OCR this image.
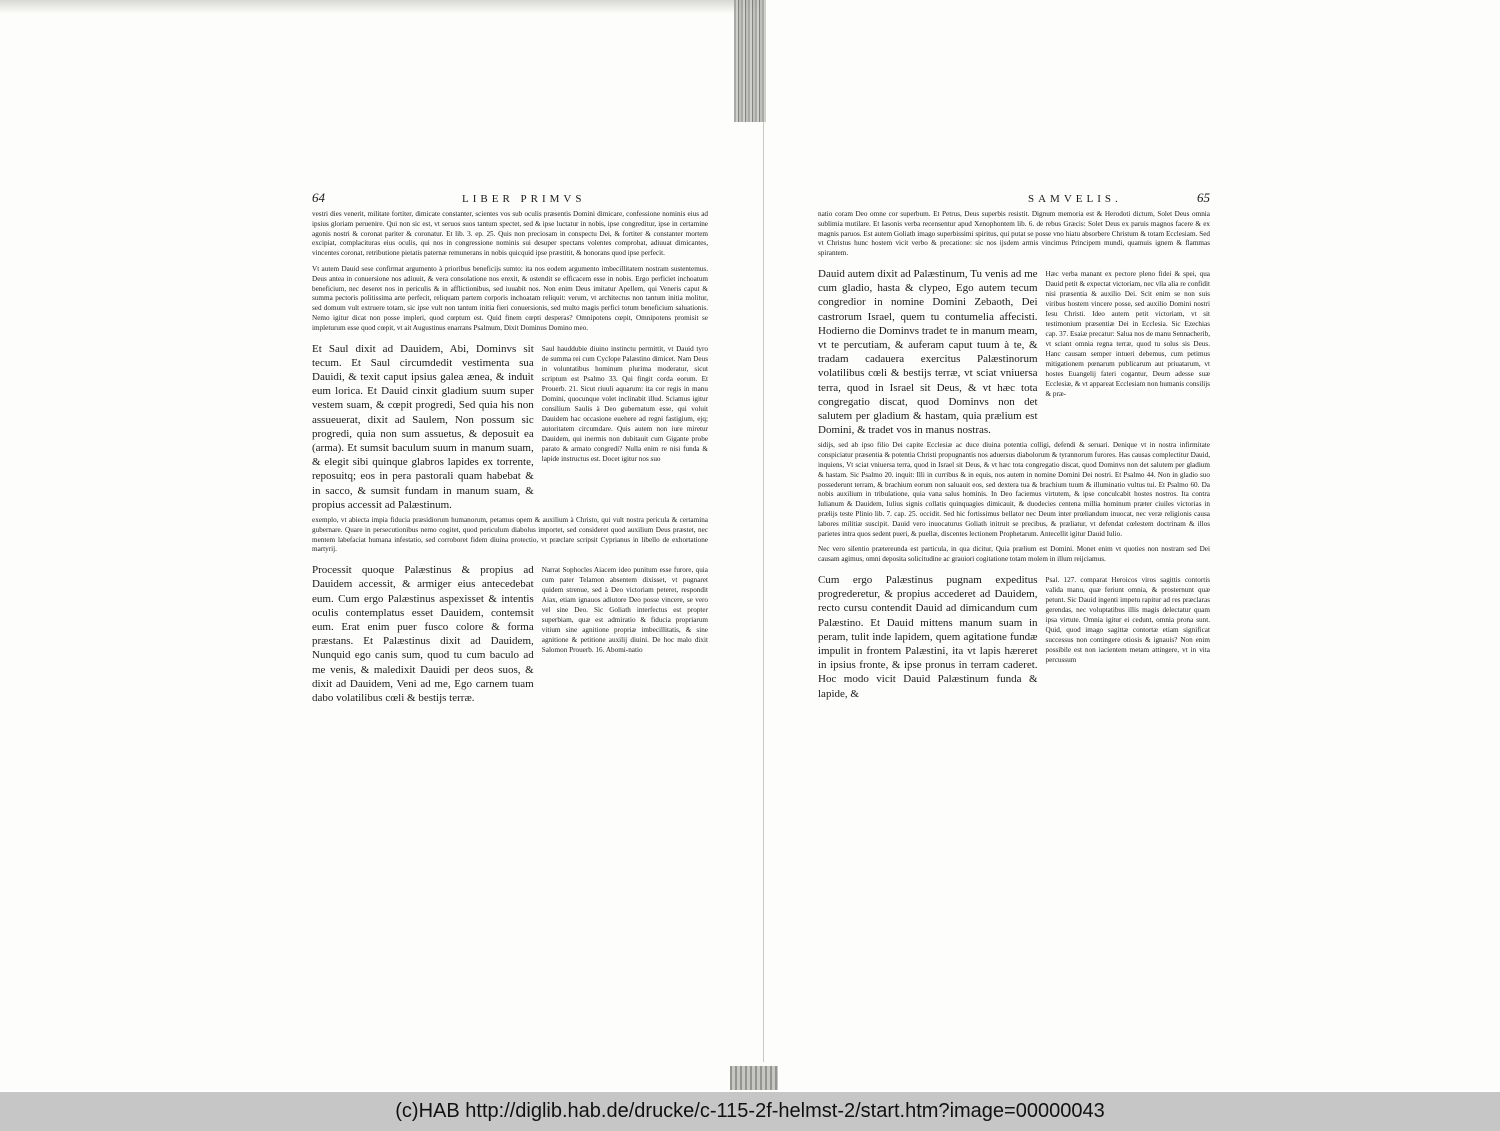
64	LIBER PRIMVS
vestri dies venerit, militate fortiter, dimicate constanter, scientes vos sub oculis præsentis Domini dimicare, confessione nominis eius ad ipsius gloriam peruenire. Qui non sic est, vt seruos suos tantum spectet, sed & ipse luctatur in nobis, ipse congreditur, ipse in certamine agonis nostri & coronat pariter & coronatur. Et lib. 3. ep. 25. Quis non preciosam in conspectu Dei, & fortiter & constanter mortem excipiat, complacituras eius oculis, qui nos in congressione nominis sui desuper spectans volentes comprobat, adiuuat dimicantes, vincentes coronat, retributione pietatis paternæ remunerans in nobis quicquid ipse præstitit, & honorans quod ipse perfecit.
Vt autem Dauid sese confirmat argumento à prioribus beneficijs sumto: ita nos eodem argumento imbecillitatem nostram sustentemus. Deus antea in conuersione nos adiuuit, & vera consolatione nos erexit, & ostendit se efficacem esse in nobis. Ergo perficiet inchoatum beneficium, nec deseret nos in periculis & in afflictionibus, sed iuuabit nos. Non enim Deus imitatur Apellem, qui Veneris caput & summa pectoris politissima arte perfecit, reliquam partem corporis inchoatam reliquit: verum, vt architectus non tantum initia molitur, sed domum vult extruere totam, sic ipse vult non tantum initia fieri conuersionis, sed multo magis perfici totum beneficium saluationis. Nemo igitur dicat non posse impleri, quod cœptum est. Quid finem cœpti desperas? Omnipotens cœpit, Omnipotens promisit se impleturum esse quod cœpit, vt ait Augustinus enarrans Psalmum, Dixit Dominus Domino meo.
Et Saul dixit ad Dauidem, Abi, Dominvs sit tecum. Et Saul circumdedit vestimenta sua Dauidi, & texit caput ipsius galea ænea, & induit eum lorica. Et Dauid cinxit gladium suum super vestem suam, & cœpit progredi, Sed quia his non assueuerat, dixit ad Saulem, Non possum sic progredi, quia non sum assuetus, & deposuit ea (arma). Et sumsit baculum suum in manum suam, & elegit sibi quinque glabros lapides ex torrente, reposuitq; eos in pera pastorali quam habebat & in sacco, & sumsit fundam in manum suam, & propius accessit ad Palæstinum.
Saul hauddubie diuino instinctu permittit, vt Dauid tyro de summa rei cum Cyclope Palæstino dimicet. Nam Deus in voluntatibus hominum plurima moderatur, sicut scriptum est Psalmo 33. Qui fingit corda eorum. Et Prouerb. 21. Sicut riuuli aquarum: ita cor regis in manu Domini, quocunque volet inclinabit illud. Sciamus igitur consilium Saulis à Deo gubernatum esse, qui voluit Dauidem hac occasione euehere ad regni fastigium, ejq; autoritatem circumdare. Quis autem non iure miretur Dauidem, qui inermis non dubitauit cum Gigante probe parato & armato congredi? Nulla enim re nisi funda & lapide instructus est. Docet igitur nos suo
exemplo, vt abiecta impia fiducia præsidiorum humanorum, petamus opem & auxilium à Christo, qui vult nostra pericula & certamina gubernare. Quare in persecutionibus nemo cogitet, quod periculum diabolus importet, sed consideret quod auxilium Deus præstet, nec mentem labefaciat humana infestatio, sed corroboret fidem diuina protectio, vt præclare scripsit Cyprianus in libello de exhortatione martyrij.
Processit quoque Palæstinus & propius ad Dauidem accessit, & armiger eius antecedebat eum. Cum ergo Palæstinus aspexisset & intentis oculis contemplatus esset Dauidem, contemsit eum. Erat enim puer fusco colore & forma præstans. Et Palæstinus dixit ad Dauidem, Nunquid ego canis sum, quod tu cum baculo ad me venis, & maledixit Dauidi per deos suos, & dixit ad Dauidem, Veni ad me, Ego carnem tuam dabo volatilibus cœli & bestijs terræ.
Narrat Sophocles Aiacem ideo punitum esse furore, quia cum pater Telamon absentem dixisset, vt pugnaret quidem strenue, sed à Deo victoriam peteret, respondit Aiax, etiam ignauos adiutore Deo posse vincere, se vero vel sine Deo. Sic Goliath interfectus est propter superbiam, quæ est admiratio & fiducia propriarum vitium sine agnitione propriæ imbecillitatis, & sine agnitione & petitione auxilij diuini. De hoc malo dixit Salomon Prouerb. 16. Abomi-natio
SAMVELIS.	65
natio coram Deo omne cor superbum. Et Petrus, Deus superbis resistit. Dignum memoria est & Herodoti dictum, Solet Deus omnia sublimia mutilare. Et Iasonis verba recensentur apud Xenophontem lib. 6. de rebus Græcis: Solet Deus ex paruis magnos facere & ex magnis paruos. Est autem Goliath imago superbissimi spiritus, qui putat se posse vno hiatu absorbere Christum & totam Ecclesiam. Sed vt Christus hunc hostem vicit verbo & precatione: sic nos ijsdem armis vincimus Principem mundi, quamuis ignem & flammas spirantem.
Dauid autem dixit ad Palæstinum, Tu venis ad me cum gladio, hasta & clypeo, Ego autem tecum congredior in nomine Domini Zebaoth, Dei castrorum Israel, quem tu contumelia affecisti. Hodierno die Dominvs tradet te in manum meam, vt te percutiam, & auferam caput tuum à te, & tradam cadauera exercitus Palæstinorum volatilibus cœli & bestijs terræ, vt sciat vniuersa terra, quod in Israel sit Deus, & vt hæc tota congregatio discat, quod Dominvs non det salutem per gladium & hastam, quia prælium est Domini, & tradet vos in manus nostras.
Hæc verba manant ex pectore pleno fidei & spei, qua Dauid petit & expectat victoriam, nec vlla alia re confidit nisi præsentia & auxilio Dei. Scit enim se non suis viribus hostem vincere posse, sed auxilio Domini nostri Iesu Christi. Ideo autem petit victoriam, vt sit testimonium præsentiæ Dei in Ecclesia. Sic Ezechias cap. 37. Esaiæ precatur: Salua nos de manu Sennacherib, vt sciant omnia regna terræ, quod tu solus sis Deus. Hanc causam semper intueri debemus, cum petimus mitigationem pœnarum publicarum aut priuatarum, vt hostes Euangelij fateri cogantur, Deum adesse suæ Ecclesiæ, & vt appareat Ecclesiam non humanis consilijs & præ-
sidijs, sed ab ipso filio Dei capite Ecclesiæ ac duce diuina potentia colligi, defendi & seruari. Denique vt in nostra infirmitate conspiciatur præsentia & potentia Christi propugnantis nos aduersus diabolorum & tyrannorum furores. Has causas complectitur Dauid, inquiens, Vt sciat vniuersa terra, quod in Israel sit Deus, & vt hæc tota congregatio discat, quod Dominvs non det salutem per gladium & hastam. Sic Psalmo 20. inquit: Illi in curribus & in equis, nos autem in nomine Domini Dei nostri. Et Psalmo 44. Non in gladio suo possederunt terram, & brachium eorum non saluauit eos, sed dextera tua & brachium tuum & illuminatio vultus tui. Et Psalmo 60. Da nobis auxilium in tribulatione, quia vana salus hominis. In Deo faciemus virtutem, & ipse conculcabit hostes nostros. Ita contra Iulianum & Dauidem, Iulius signis collatis quinquagies dimicauit, & duodecies centena millia hominum præter ciuiles victorias in prælijs teste Plinio lib. 7. cap. 25. occidit. Sed hic fortissimus bellator nec Deum inter prœliandum inuocat, nec veræ religionis causa labores militiæ suscipit. Dauid vero inuocaturus Goliath initruit se precibus, & præliatur, vt defendat cœlestem doctrinam & illos parietes intra quos sedent pueri, & puellæ, discentes lectionem Prophetarum. Antecellit igitur Dauid Iulio.
Nec vero silentio prætereunda est particula, in qua dicitur, Quia prælium est Domini. Monet enim vt quoties non nostram sed Dei causam agimus, omni deposita solicitudine ac grauiori cogitatione totam molem in illum reijciamus.
Cum ergo Palæstinus pugnam expeditus progrederetur, & propius accederet ad Dauidem, recto cursu contendit Dauid ad dimicandum cum Palæstino. Et Dauid mittens manum suam in peram, tulit inde lapidem, quem agitatione fundæ impulit in frontem Palæstini, ita vt lapis hæreret in ipsius fronte, & ipse pronus in terram caderet. Hoc modo vicit Dauid Palæstinum funda & lapide, &
Psal. 127. comparat Heroicos viros sagittis contortis valida manu, quæ feriunt omnia, & prosternunt quæ petunt. Sic Dauid ingenti impetu rapitur ad res præclaras gerendas, nec voluptatibus illis magis delectatur quam ipsa virtute. Omnia igitur ei cedunt, omnia prona sunt. Quid, quod imago sagittæ contortæ etiam significat successus non contingere otiosis & ignauis? Non enim possibile est non iacientem metam attingere, vt in vita percussum
(c)HAB http://diglib.hab.de/drucke/c-115-2f-helmst-2/start.htm?image=00000043
